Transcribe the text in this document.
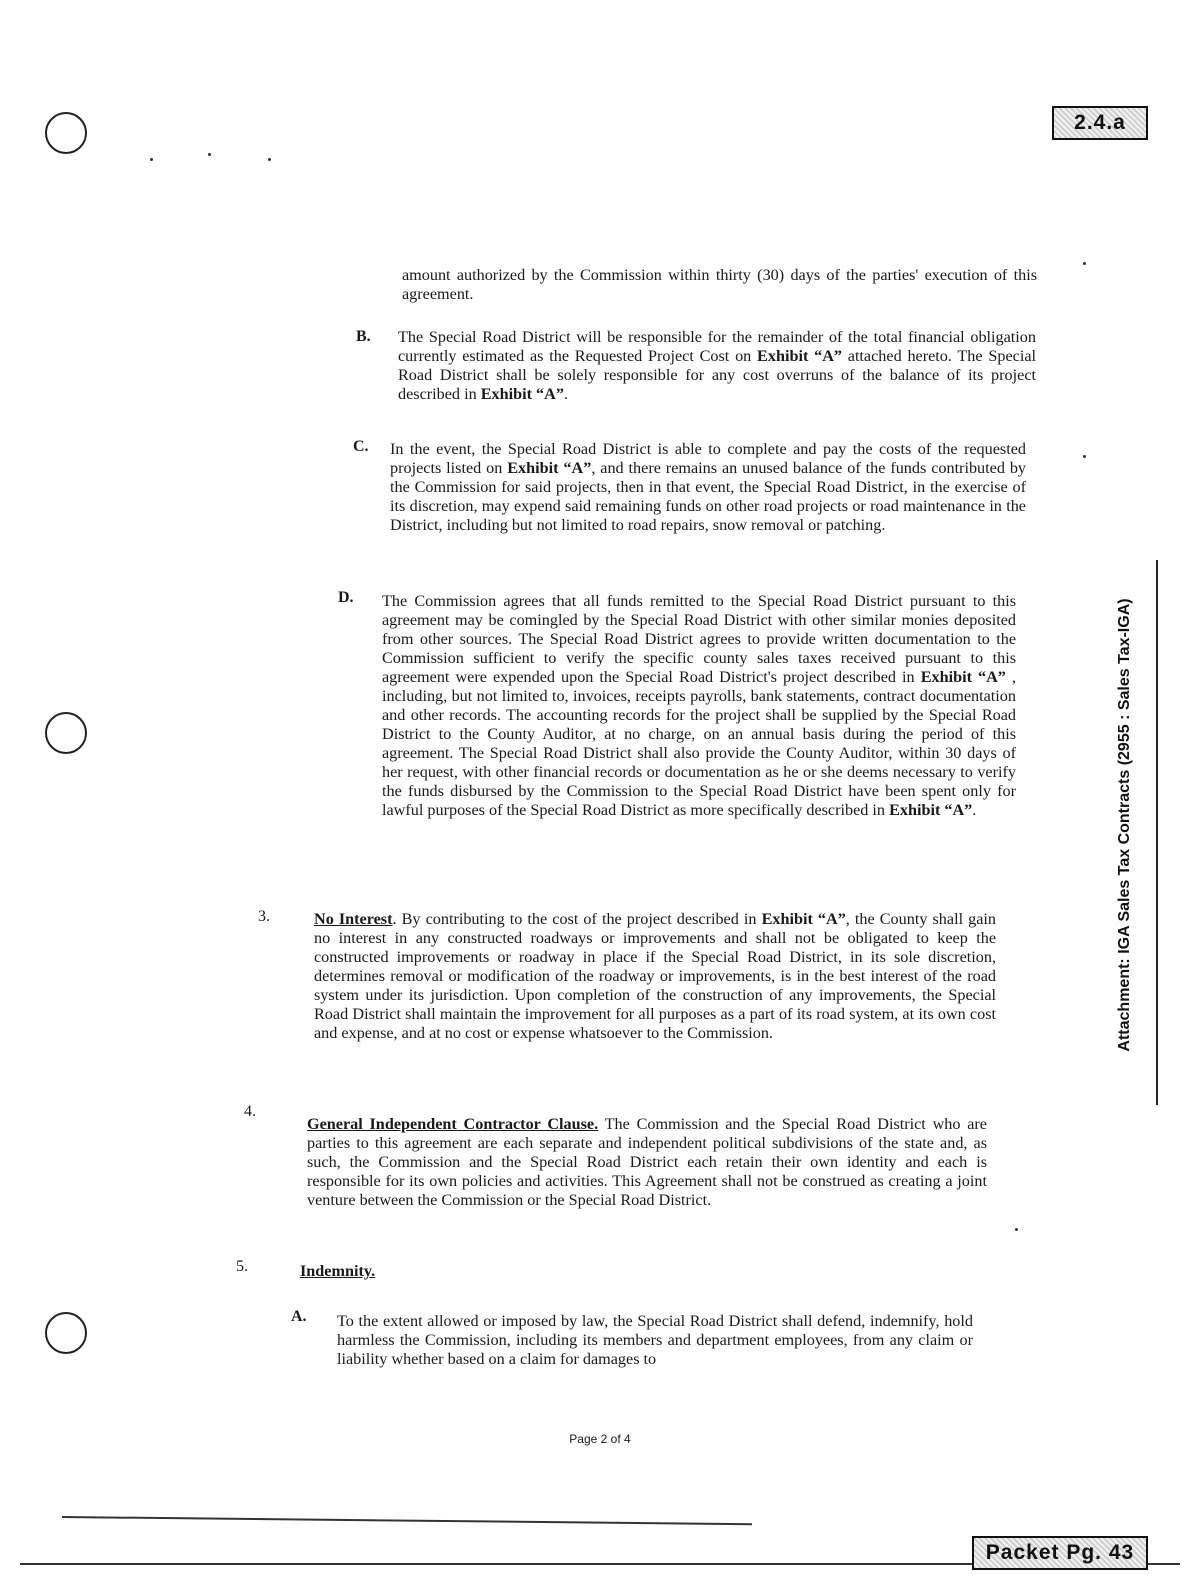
2.4.a
Attachment: IGA Sales Tax Contracts (2955 : Sales Tax-IGA)

amount authorized by the Commission within thirty (30) days of the parties' execution of this agreement.

B. The Special Road District will be responsible for the remainder of the total financial obligation currently estimated as the Requested Project Cost on Exhibit “A” attached hereto. The Special Road District shall be solely responsible for any cost overruns of the balance of its project described in Exhibit “A”.

C. In the event, the Special Road District is able to complete and pay the costs of the requested projects listed on Exhibit “A”, and there remains an unused balance of the funds contributed by the Commission for said projects, then in that event, the Special Road District, in the exercise of its discretion, may expend said remaining funds on other road projects or road maintenance in the District, including but not limited to road repairs, snow removal or patching.

D. The Commission agrees that all funds remitted to the Special Road District pursuant to this agreement may be comingled by the Special Road District with other similar monies deposited from other sources. The Special Road District agrees to provide written documentation to the Commission sufficient to verify the specific county sales taxes received pursuant to this agreement were expended upon the Special Road District's project described in Exhibit “A” , including, but not limited to, invoices, receipts payrolls, bank statements, contract documentation and other records. The accounting records for the project shall be supplied by the Special Road District to the County Auditor, at no charge, on an annual basis during the period of this agreement. The Special Road District shall also provide the County Auditor, within 30 days of her request, with other financial records or documentation as he or she deems necessary to verify the funds disbursed by the Commission to the Special Road District have been spent only for lawful purposes of the Special Road District as more specifically described in Exhibit “A”.

3.	No Interest. By contributing to the cost of the project described in Exhibit “A”, the County shall gain no interest in any constructed roadways or improvements and shall not be obligated to keep the constructed improvements or roadway in place if the Special Road District, in its sole discretion, determines removal or modification of the roadway or improvements, is in the best interest of the road system under its jurisdiction. Upon completion of the construction of any improvements, the Special Road District shall maintain the improvement for all purposes as a part of its road system, at its own cost and expense, and at no cost or expense whatsoever to the Commission.

4.

General Independent Contractor Clause. The Commission and the Special Road District who are parties to this agreement are each separate and independent political subdivisions of the state and, as such, the Commission and the Special Road District each retain their own identity and each is responsible for its own policies and activities. This Agreement shall not be construed as creating a joint venture between the Commission or the Special Road District.

5.	Indemnity.

A. To the extent allowed or imposed by law, the Special Road District shall defend, indemnify, hold harmless the Commission, including its members and department employees, from any claim or liability whether based on a claim for damages to

Page 2 of 4
Packet Pg. 43
